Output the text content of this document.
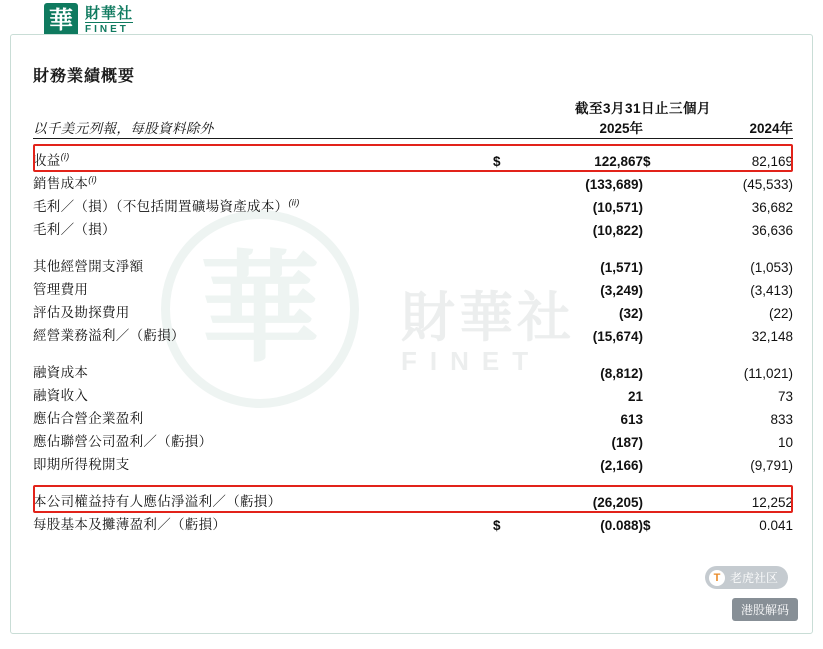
華 財華社
FINET
華	財華社
FINET
財務業績概要
	截至3月31日止三個月			
以千美元列報，每股資料除外		2025年		2024年

收益$^{(i)}$	$	122,867	$	82,169
銷售成本$^{(i)}$		(133,689)		(45,533)
毛利／（損）（不包括閒置礦場資產成本）$^{(ii)}$		(10,571)		36,682
毛利／（損）		(10,822)		36,636

其他經營開支淨額		(1,571)		(1,053)
管理費用		(3,249)		(3,413)
評估及勘探費用		(32)		(22)
經營業務溢利／（虧損）		(15,674)		32,148

融資成本		(8,812)		(11,021)
融資收入		21		73
應佔合營企業盈利		613		833
應佔聯營公司盈利／（虧損）		(187)		10
即期所得稅開支		(2,166)		(9,791)

本公司權益持有人應佔淨溢利／（虧損）		(26,205)		12,252
每股基本及攤薄盈利／（虧損）	$	(0.088)	$	0.041
T 老虎社区
港股解码
